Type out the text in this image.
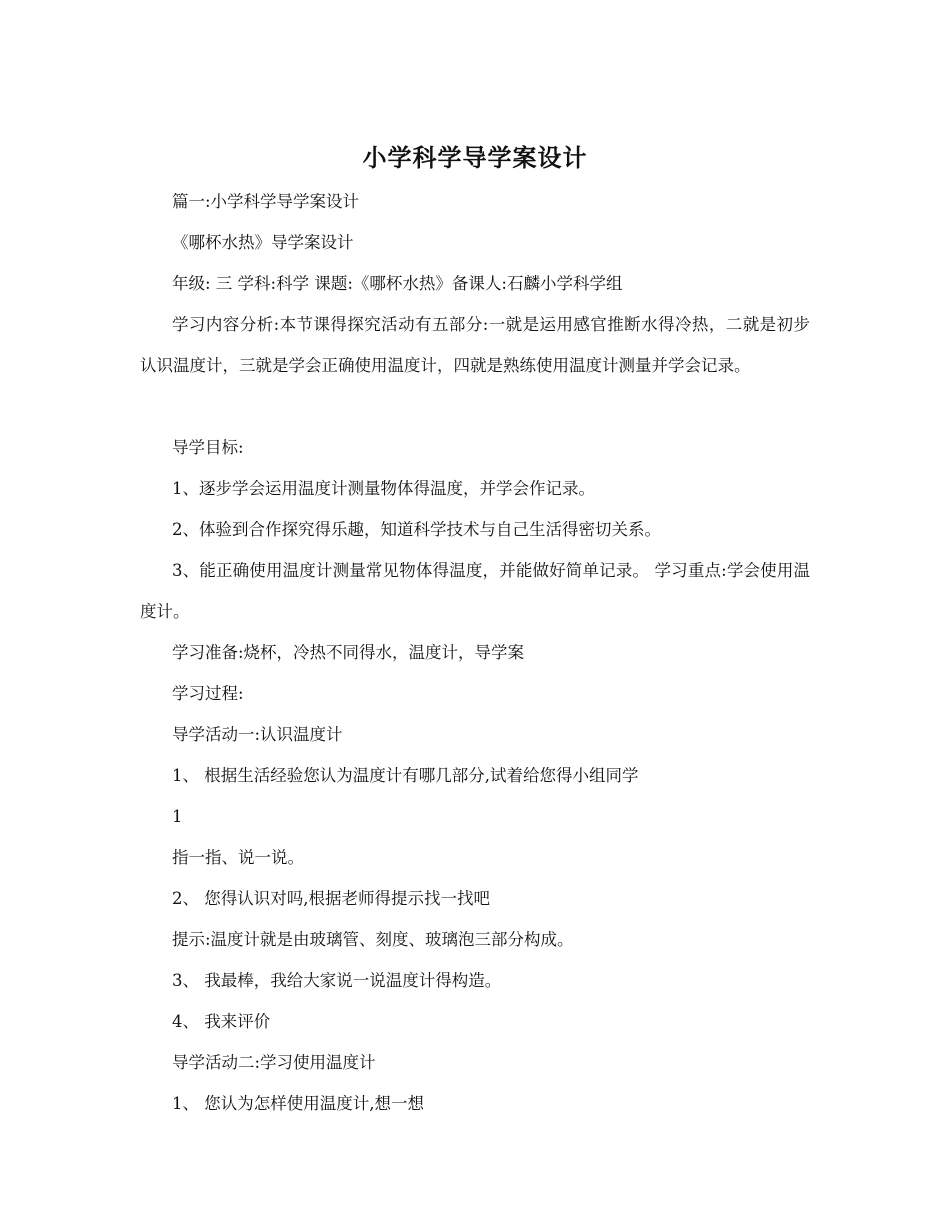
小学科学导学案设计
篇一:小学科学导学案设计
《哪杯水热》导学案设计
年级: 三 学科:科学 课题:《哪杯水热》备课人:石麟小学科学组
学习内容分析:本节课得探究活动有五部分:一就是运用感官推断水得冷热，二就是初步认识温度计，三就是学会正确使用温度计，四就是熟练使用温度计测量并学会记录。
导学目标:
1、逐步学会运用温度计测量物体得温度，并学会作记录。
2、体验到合作探究得乐趣，知道科学技术与自己生活得密切关系。
3、能正确使用温度计测量常见物体得温度，并能做好简单记录。 学习重点:学会使用温度计。
学习准备:烧杯，冷热不同得水，温度计，导学案
学习过程:
导学活动一:认识温度计
1、 根据生活经验您认为温度计有哪几部分,试着给您得小组同学
1
指一指、说一说。
2、 您得认识对吗,根据老师得提示找一找吧
提示:温度计就是由玻璃管、刻度、玻璃泡三部分构成。
3、 我最棒，我给大家说一说温度计得构造。
4、 我来评价
导学活动二:学习使用温度计
1、 您认为怎样使用温度计,想一想
